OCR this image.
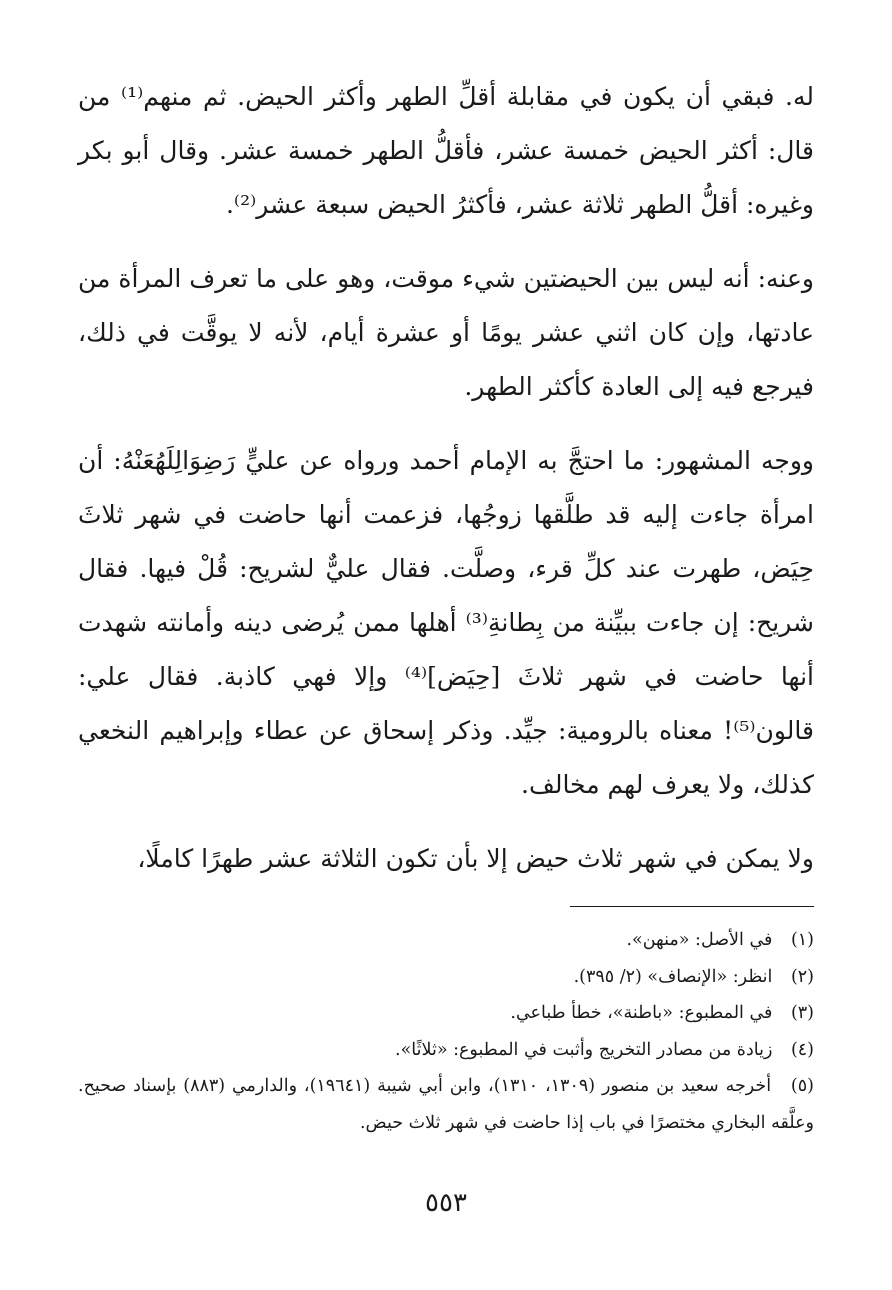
له. فبقي أن يكون في مقابلة أقلِّ الطهر وأكثر الحيض. ثم منهم⁽¹⁾ من قال: أكثر الحيض خمسة عشر، فأقلُّ الطهر خمسة عشر. وقال أبو بكر وغيره: أقلُّ الطهر ثلاثة عشر، فأكثرُ الحيض سبعة عشر⁽²⁾.

وعنه: أنه ليس بين الحيضتين شيء موقت، وهو على ما تعرف المرأة من عادتها، وإن كان اثني عشر يومًا أو عشرة أيام، لأنه لا يوقَّت في ذلك، فيرجع فيه إلى العادة كأكثر الطهر.

ووجه المشهور: ما احتجَّ به الإمام أحمد ورواه عن عليٍّ رَضِوَالِلَهُعَنْهُ: أن امرأة جاءت إليه قد طلَّقها زوجُها، فزعمت أنها حاضت في شهر ثلاثَ حِيَض، طهرت عند كلِّ قرء، وصلَّت. فقال عليٌّ لشريح: قُلْ فيها. فقال شريح: إن جاءت ببيِّنة من بِطانةِ⁽³⁾ أهلها ممن يُرضى دينه وأمانته شهدت أنها حاضت في شهر ثلاثَ [حِيَض]⁽⁴⁾ وإلا فهي كاذبة. فقال علي: قالون⁽⁵⁾! معناه بالرومية: جيِّد. وذكر إسحاق عن عطاء وإبراهيم النخعي كذلك، ولا يعرف لهم مخالف.

ولا يمكن في شهر ثلاث حيض إلا بأن تكون الثلاثة عشر طهرًا كاملًا،

(١) في الأصل: «منهن».

(٢) انظر: «الإنصاف» (٢/ ٣٩٥).

(٣) في المطبوع: «باطنة»، خطأ طباعي.

(٤) زيادة من مصادر التخريج وأثبت في المطبوع: «ثلاثًا».

(٥) أخرجه سعيد بن منصور (١٣٠٩، ١٣١٠)، وابن أبي شيبة (١٩٦٤١)، والدارمي (٨٨٣) بإسناد صحيح. وعلَّقه البخاري مختصرًا في باب إذا حاضت في شهر ثلاث حيض.

٥٥٣
